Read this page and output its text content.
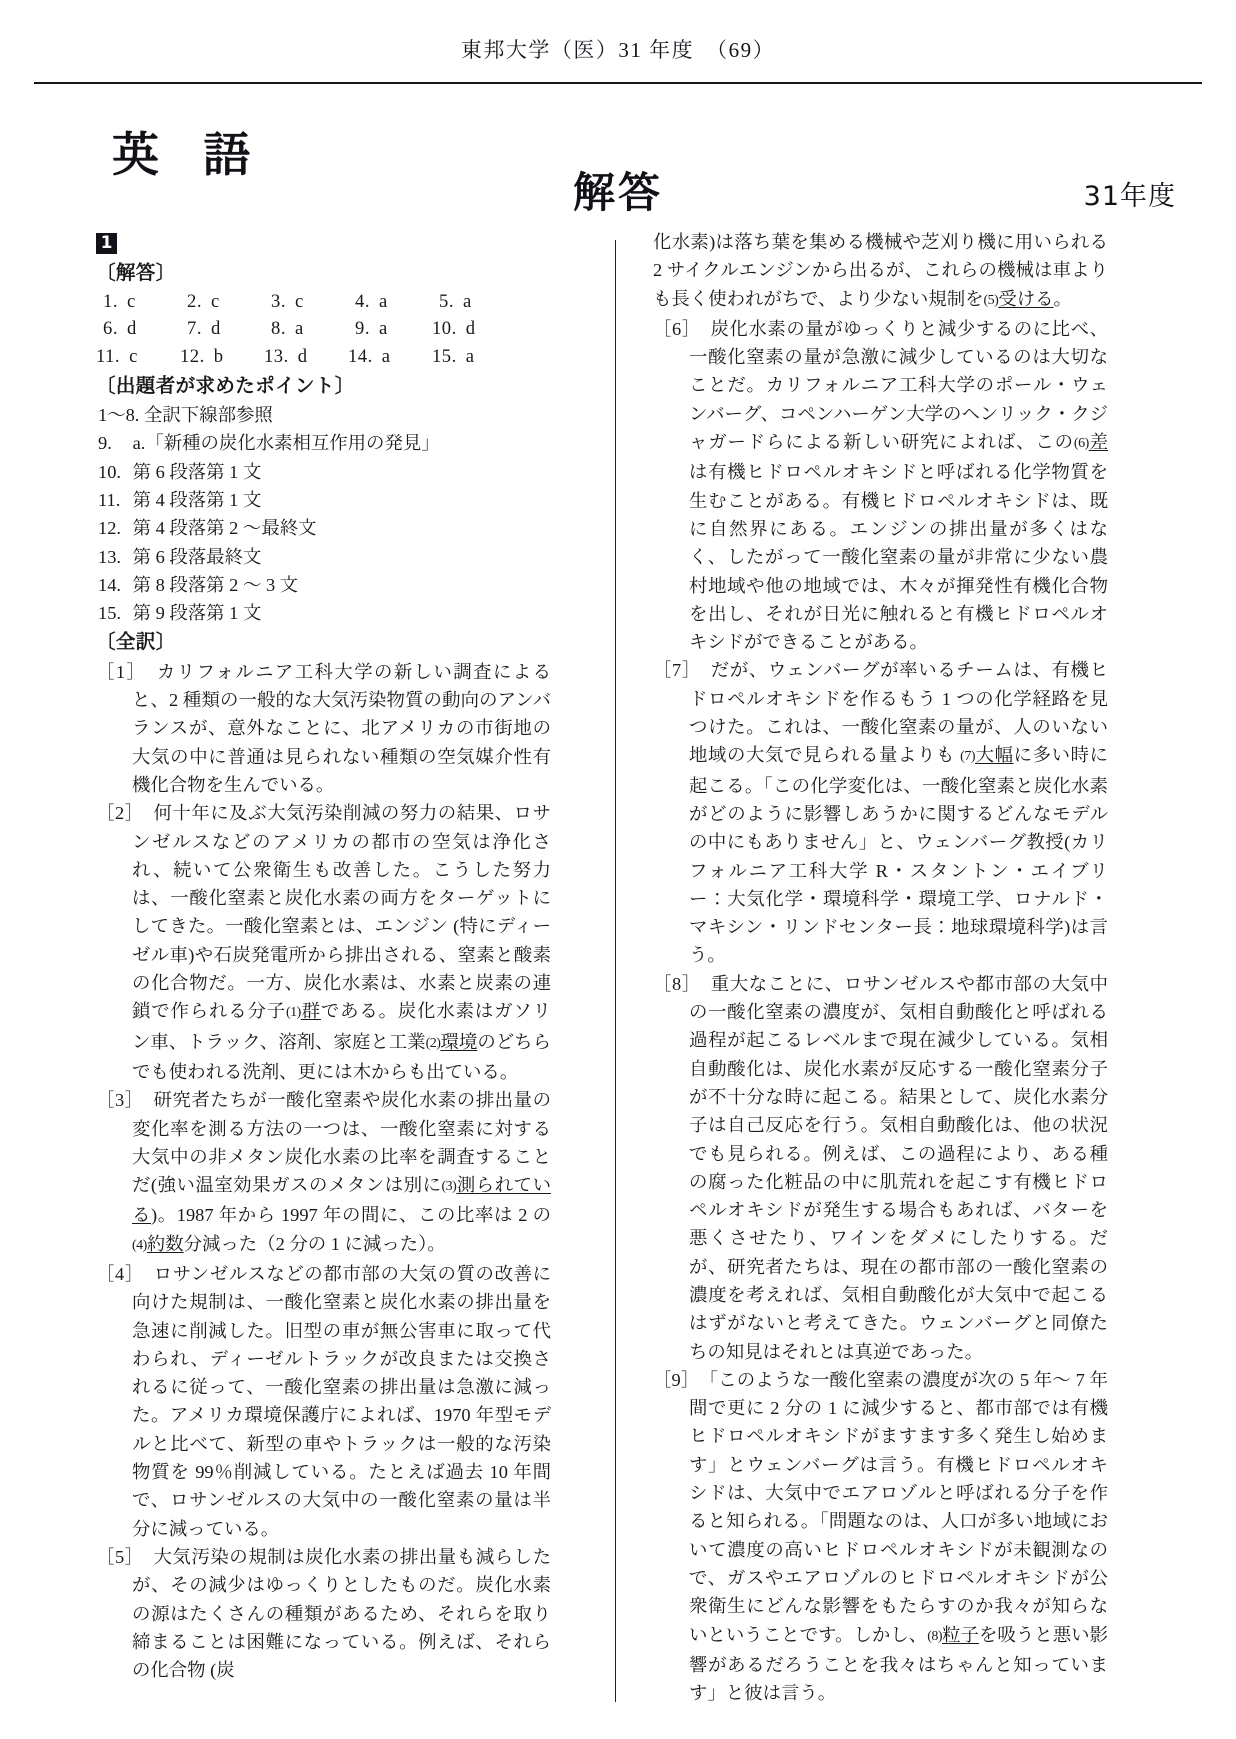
東邦大学（医）31 年度　（69）
英 語
解答	31年度
1
〔解答〕
1. c	2. c	3. c	4. a	5. a
6. d	7. d	8. a	9. a	10. d
11. c	12. b	13. d	14. a	15. a
〔出題者が求めたポイント〕
1〜8. 全訳下線部参照
9. a.「新種の炭化水素相互作用の発見」
10. 第 6 段落第 1 文
11. 第 4 段落第 1 文
12. 第 4 段落第 2 〜最終文
13. 第 6 段落最終文
14. 第 8 段落第 2 〜 3 文
15. 第 9 段落第 1 文
〔全訳〕
［1］　カリフォルニア工科大学の新しい調査によると、2 種類の一般的な大気汚染物質の動向のアンバランスが、意外なことに、北アメリカの市街地の大気の中に普通は見られない種類の空気媒介性有機化合物を生んでいる。
［2］　何十年に及ぶ大気汚染削減の努力の結果、ロサンゼルスなどのアメリカの都市の空気は浄化され、続いて公衆衛生も改善した。こうした努力は、一酸化窒素と炭化水素の両方をターゲットにしてきた。一酸化窒素とは、エンジン (特にディーゼル車)や石炭発電所から排出される、窒素と酸素の化合物だ。一方、炭化水素は、水素と炭素の連鎖で作られる分子(1)群である。炭化水素はガソリン車、トラック、溶剤、家庭と工業(2)環境のどちらでも使われる洗剤、更には木からも出ている。
［3］　研究者たちが一酸化窒素や炭化水素の排出量の変化率を測る方法の一つは、一酸化窒素に対する大気中の非メタン炭化水素の比率を調査することだ(強い温室効果ガスのメタンは別に(3)測られている)。1987 年から 1997 年の間に、この比率は 2 の(4)約数分減った（2 分の 1 に減った）。
［4］　ロサンゼルスなどの都市部の大気の質の改善に向けた規制は、一酸化窒素と炭化水素の排出量を急速に削減した。旧型の車が無公害車に取って代わられ、ディーゼルトラックが改良または交換されるに従って、一酸化窒素の排出量は急激に減った。アメリカ環境保護庁によれば、1970 年型モデルと比べて、新型の車やトラックは一般的な汚染物質を 99％削減している。たとえば過去 10 年間で、ロサンゼルスの大気中の一酸化窒素の量は半分に減っている。
［5］　大気汚染の規制は炭化水素の排出量も減らしたが、その減少はゆっくりとしたものだ。炭化水素の源はたくさんの種類があるため、それらを取り締まることは困難になっている。例えば、それらの化合物 (炭
化水素)は落ち葉を集める機械や芝刈り機に用いられる 2 サイクルエンジンから出るが、これらの機械は車よりも長く使われがちで、より少ない規制を(5)受ける。
［6］　炭化水素の量がゆっくりと減少するのに比べ、一酸化窒素の量が急激に減少しているのは大切なことだ。カリフォルニア工科大学のポール・ウェンバーグ、コペンハーゲン大学のヘンリック・クジャガードらによる新しい研究によれば、この(6)差は有機ヒドロペルオキシドと呼ばれる化学物質を生むことがある。有機ヒドロペルオキシドは、既に自然界にある。エンジンの排出量が多くはなく、したがって一酸化窒素の量が非常に少ない農村地域や他の地域では、木々が揮発性有機化合物を出し、それが日光に触れると有機ヒドロペルオキシドができることがある。
［7］　だが、ウェンバーグが率いるチームは、有機ヒドロペルオキシドを作るもう 1 つの化学経路を見つけた。これは、一酸化窒素の量が、人のいない地域の大気で見られる量よりも (7)大幅に多い時に起こる。「この化学変化は、一酸化窒素と炭化水素がどのように影響しあうかに関するどんなモデルの中にもありません」と、ウェンバーグ教授(カリフォルニア工科大学 R・スタントン・エイブリー：大気化学・環境科学・環境工学、ロナルド・マキシン・リンドセンター長：地球環境科学)は言う。
［8］　重大なことに、ロサンゼルスや都市部の大気中の一酸化窒素の濃度が、気相自動酸化と呼ばれる過程が起こるレベルまで現在減少している。気相自動酸化は、炭化水素が反応する一酸化窒素分子が不十分な時に起こる。結果として、炭化水素分子は自己反応を行う。気相自動酸化は、他の状況でも見られる。例えば、この過程により、ある種の腐った化粧品の中に肌荒れを起こす有機ヒドロペルオキシドが発生する場合もあれば、バターを悪くさせたり、ワインをダメにしたりする。だが、研究者たちは、現在の都市部の一酸化窒素の濃度を考えれば、気相自動酸化が大気中で起こるはずがないと考えてきた。ウェンバーグと同僚たちの知見はそれとは真逆であった。
［9］　「このような一酸化窒素の濃度が次の 5 年〜 7 年間で更に 2 分の 1 に減少すると、都市部では有機ヒドロペルオキシドがますます多く発生し始めます」とウェンバーグは言う。有機ヒドロペルオキシドは、大気中でエアロゾルと呼ばれる分子を作ると知られる。「問題なのは、人口が多い地域において濃度の高いヒドロペルオキシドが未観測なので、ガスやエアロゾルのヒドロペルオキシドが公衆衛生にどんな影響をもたらすのか我々が知らないということです。しかし、(8)粒子を吸うと悪い影響があるだろうことを我々はちゃんと知っています」と彼は言う。
